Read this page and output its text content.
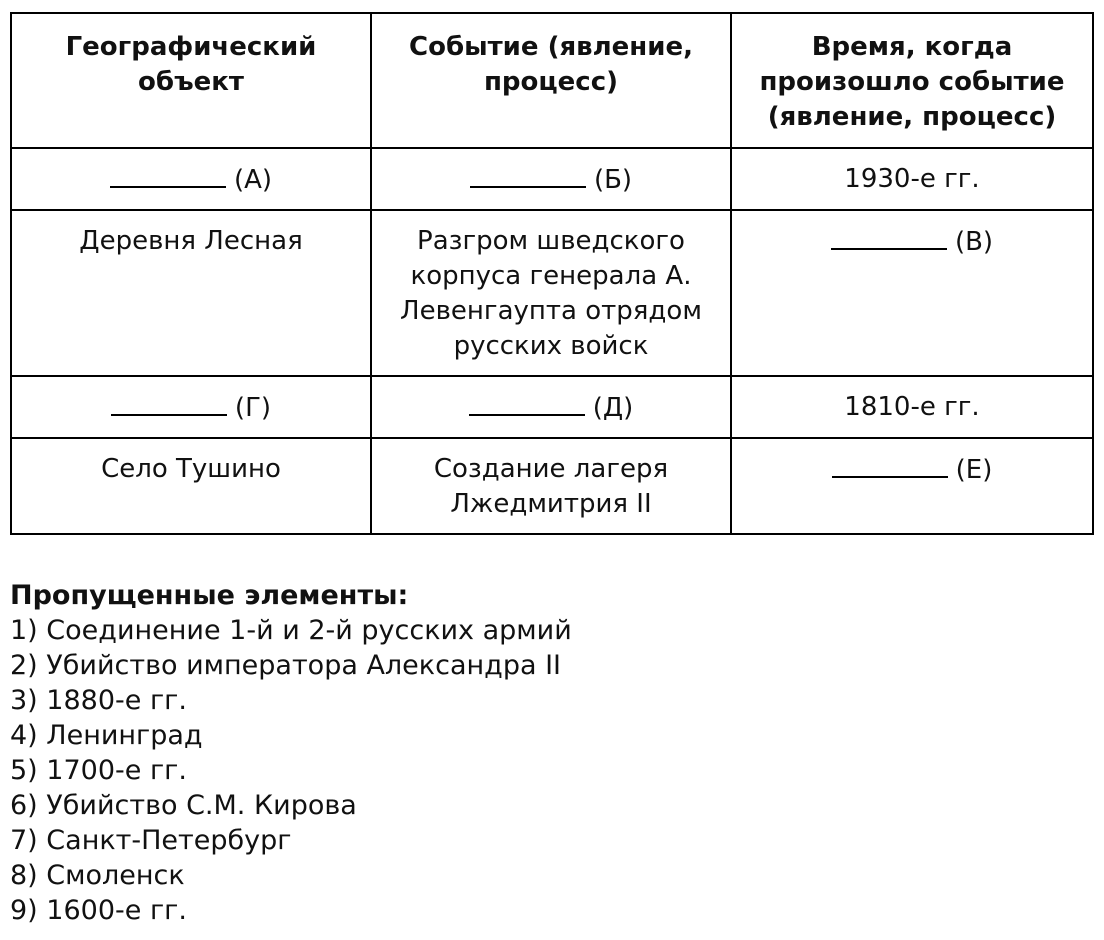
Географический объект	Событие (явление, процесс)	Время, когда произошло событие (явление, процесс)
(А)	(Б)	1930-е гг.
Деревня Лесная	Разгром шведского корпуса генерала А. Левенгаупта отрядом русских войск	(В)
(Г)	(Д)	1810-е гг.
Село Тушино	Создание лагеря Лжедмитрия II	(Е)
Пропущенные элементы:
1) Соединение 1-й и 2-й русских армий
2) Убийство императора Александра II
3) 1880-е гг.
4) Ленинград
5) 1700-е гг.
6) Убийство С.М. Кирова
7) Санкт-Петербург
8) Смоленск
9) 1600-е гг.
